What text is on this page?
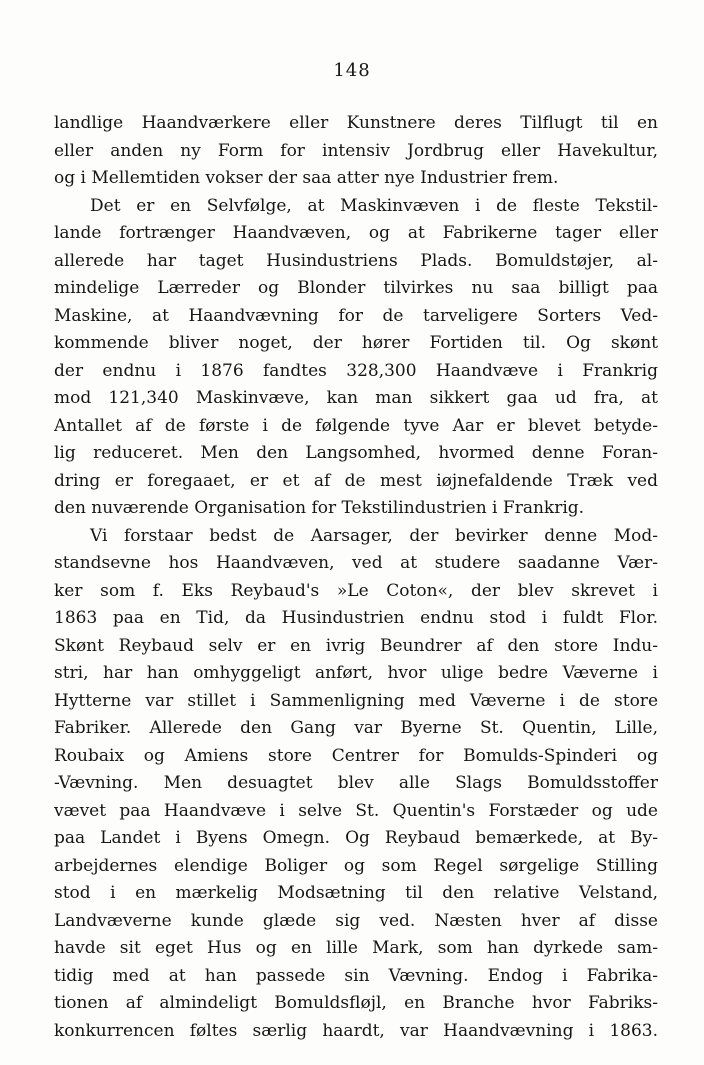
148
landlige Haandværkere eller Kunstnere deres Tilflugt til en
eller anden ny Form for intensiv Jordbrug eller Havekultur,
og i Mellemtiden vokser der saa atter nye Industrier frem.
Det er en Selvfølge, at Maskinvæven i de fleste Tekstil-
lande fortrænger Haandvæven, og at Fabrikerne tager eller
allerede har taget Husindustriens Plads. Bomuldstøjer, al-
mindelige Lærreder og Blonder tilvirkes nu saa billigt paa
Maskine, at Haandvævning for de tarveligere Sorters Ved-
kommende bliver noget, der hører Fortiden til. Og skønt
der endnu i 1876 fandtes 328,300 Haandvæve i Frankrig
mod 121,340 Maskinvæve, kan man sikkert gaa ud fra, at
Antallet af de første i de følgende tyve Aar er blevet betyde-
lig reduceret. Men den Langsomhed, hvormed denne Foran-
dring er foregaaet, er et af de mest iøjnefaldende Træk ved
den nuværende Organisation for Tekstilindustrien i Frankrig.
Vi forstaar bedst de Aarsager, der bevirker denne Mod-
standsevne hos Haandvæven, ved at studere saadanne Vær-
ker som f. Eks Reybaud's »Le Coton«, der blev skrevet i
1863 paa en Tid, da Husindustrien endnu stod i fuldt Flor.
Skønt Reybaud selv er en ivrig Beundrer af den store Indu-
stri, har han omhyggeligt anført, hvor ulige bedre Væverne i
Hytterne var stillet i Sammenligning med Væverne i de store
Fabriker. Allerede den Gang var Byerne St. Quentin, Lille,
Roubaix og Amiens store Centrer for Bomulds-Spinderi og
-Vævning. Men desuagtet blev alle Slags Bomuldsstoffer
vævet paa Haandvæve i selve St. Quentin's Forstæder og ude
paa Landet i Byens Omegn. Og Reybaud bemærkede, at By-
arbejdernes elendige Boliger og som Regel sørgelige Stilling
stod i en mærkelig Modsætning til den relative Velstand,
Landvæverne kunde glæde sig ved. Næsten hver af disse
havde sit eget Hus og en lille Mark, som han dyrkede sam-
tidig med at han passede sin Vævning. Endog i Fabrika-
tionen af almindeligt Bomuldsfløjl, en Branche hvor Fabriks-
konkurrencen føltes særlig haardt, var Haandvævning i 1863.
